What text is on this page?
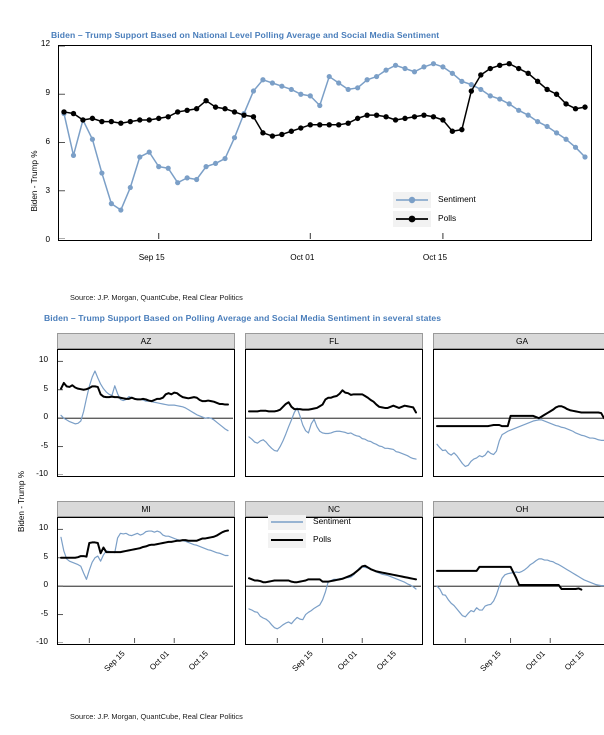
Biden – Trump Support Based on National Level Polling Average and Social Media Sentiment
Biden - Trump %
0
3
6
9
12
Sep 15	Oct 01	Oct 15
Sentiment
Polls
Source: J.P. Morgan, QuantCube, Real Clear Politics
Biden – Trump Support Based on Polling Average and Social Media Sentiment in several states
Biden - Trump %
AZ	FL	GA
MI	NC	OH
-10
-5
0
5
10
-10
-5
0
5
10
Sep 15	Oct 01 Oct 15	Sep 15	Oct 01 Oct 15	Sep 15	Oct 01 Oct 15
Sentiment
Polls
Source: J.P. Morgan, QuantCube, Real Clear Politics
